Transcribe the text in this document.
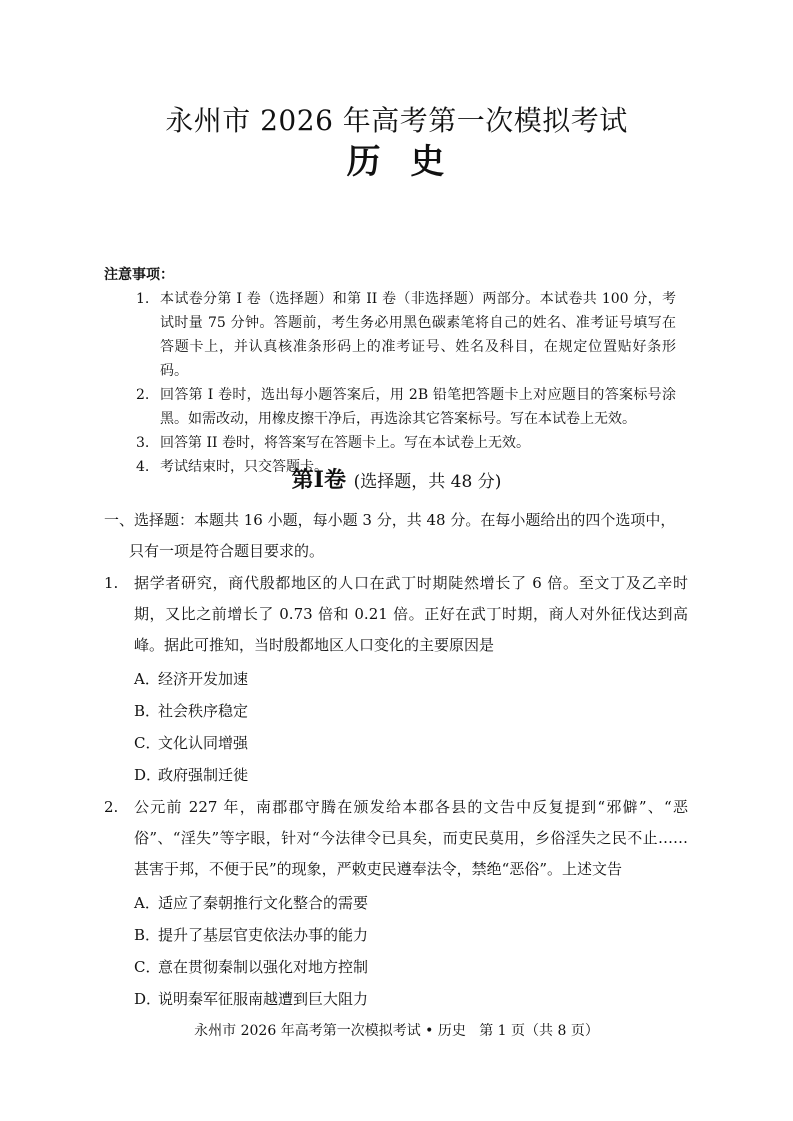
永州市 2026 年高考第一次模拟考试
历  史
注意事项：
1. 本试卷分第 I 卷（选择题）和第 II 卷（非选择题）两部分。本试卷共 100 分，考试时量 75 分钟。答题前，考生务必用黑色碳素笔将自己的姓名、准考证号填写在答题卡上，并认真核准条形码上的准考证号、姓名及科目，在规定位置贴好条形码。
2. 回答第 I 卷时，选出每小题答案后，用 2B 铅笔把答题卡上对应题目的答案标号涂黑。如需改动，用橡皮擦干净后，再选涂其它答案标号。写在本试卷上无效。
3. 回答第 II 卷时，将答案写在答题卡上。写在本试卷上无效。
4. 考试结束时，只交答题卡。
第Ⅰ卷 (选择题，共 48 分)
一、选择题：本题共 16 小题，每小题 3 分，共 48 分。在每小题给出的四个选项中，只有一项是符合题目要求的。
1.	据学者研究，商代殷都地区的人口在武丁时期陡然增长了 6 倍。至文丁及乙辛时期，又比之前增长了 0.73 倍和 0.21 倍。正好在武丁时期，商人对外征伐达到高峰。据此可推知，当时殷都地区人口变化的主要原因是
A．经济开发加速
B．社会秩序稳定
C．文化认同增强
D．政府强制迁徙
2.	公元前 227 年，南郡郡守腾在颁发给本郡各县的文告中反复提到“邪僻”、“恶俗”、“淫失”等字眼，针对“今法律令已具矣，而吏民莫用，乡俗淫失之民不止……甚害于邦，不便于民”的现象，严敕吏民遵奉法令，禁绝“恶俗”。上述文告
A．适应了秦朝推行文化整合的需要
B．提升了基层官吏依法办事的能力
C．意在贯彻秦制以强化对地方控制
D．说明秦军征服南越遭到巨大阻力
永州市 2026 年高考第一次模拟考试 • 历史   第 1 页（共 8 页）
